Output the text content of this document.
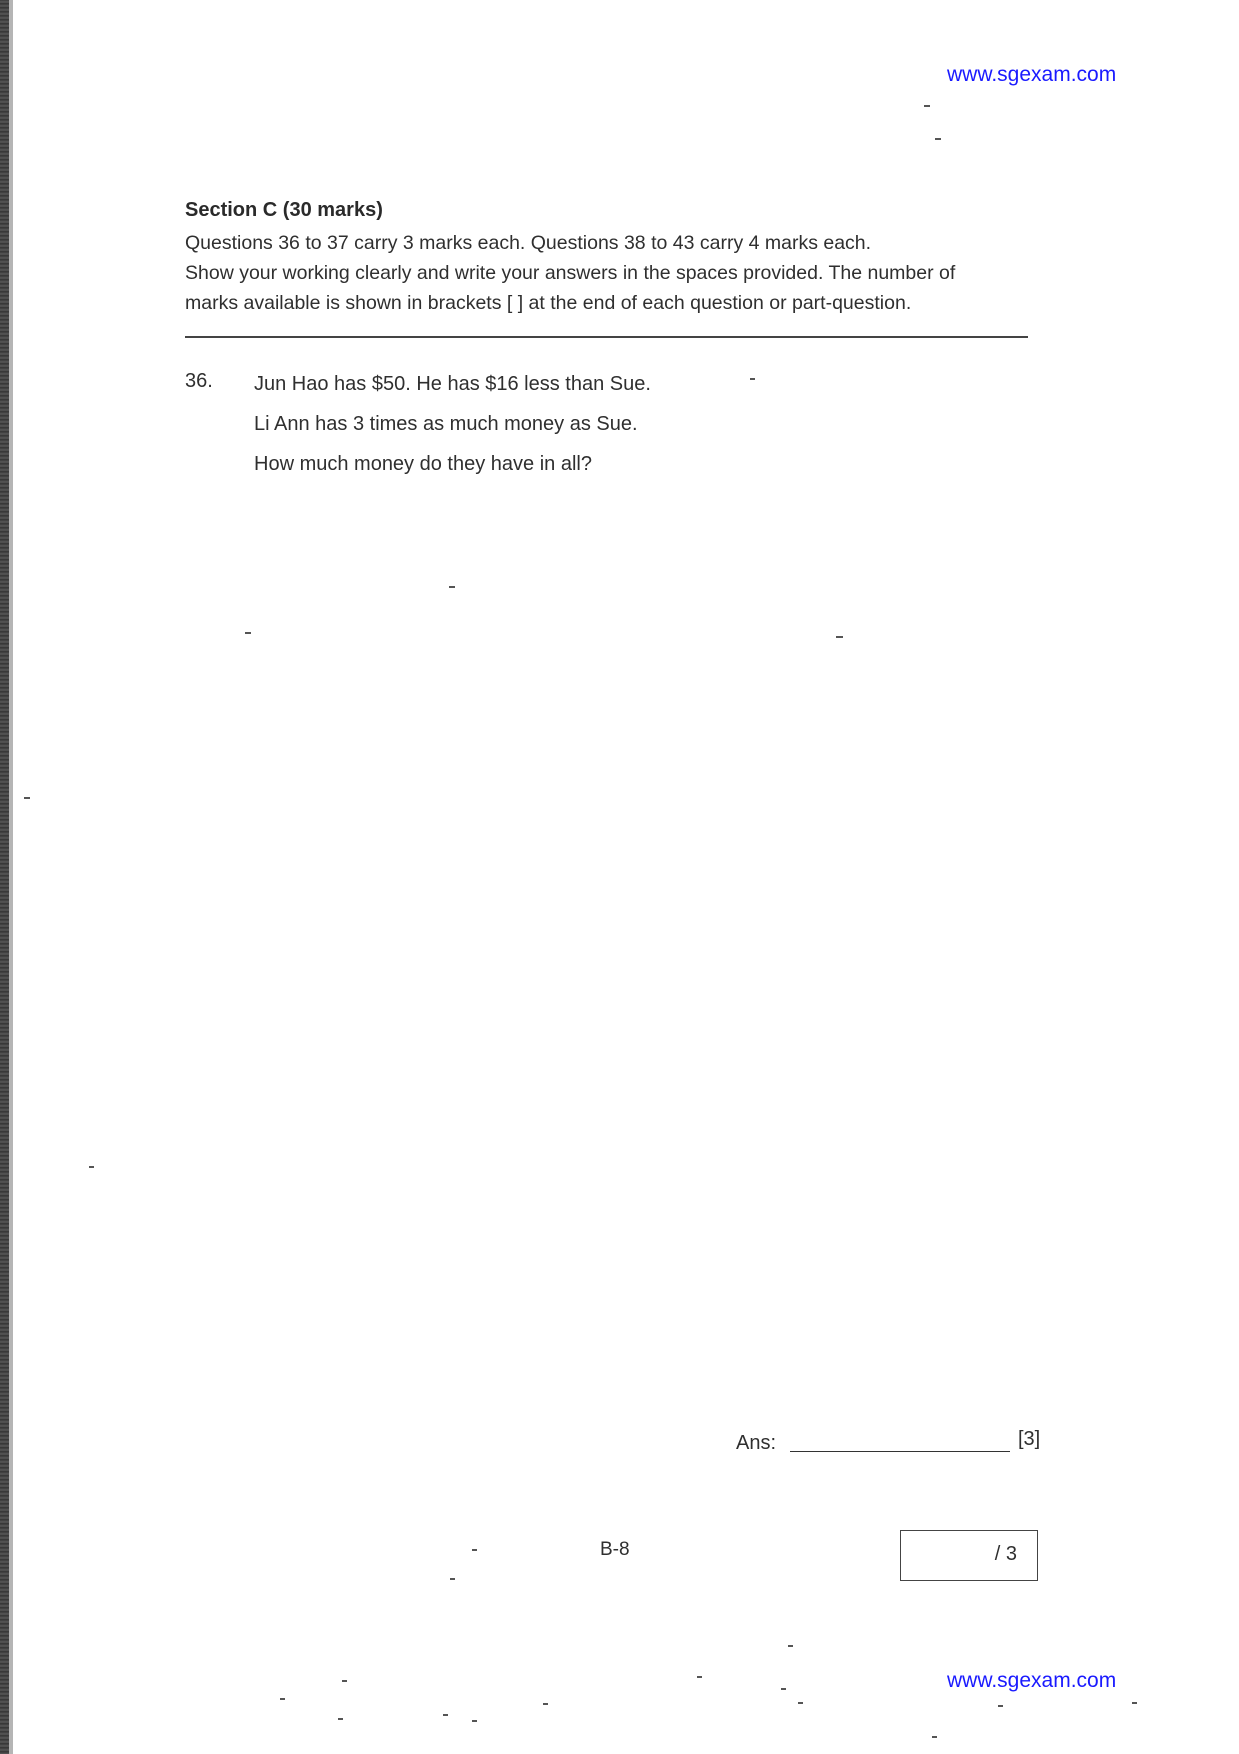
www.sgexam.com
Section C (30 marks)
Questions 36 to 37 carry 3 marks each. Questions 38 to 43 carry 4 marks each.
Show your working clearly and write your answers in the spaces provided. The number of
marks available is shown in brackets [ ] at the end of each question or part-question.
36. Jun Hao has $50. He has $16 less than Sue.
Li Ann has 3 times as much money as Sue.
How much money do they have in all?
Ans:	[3]
B-8	/ 3
www.sgexam.com
